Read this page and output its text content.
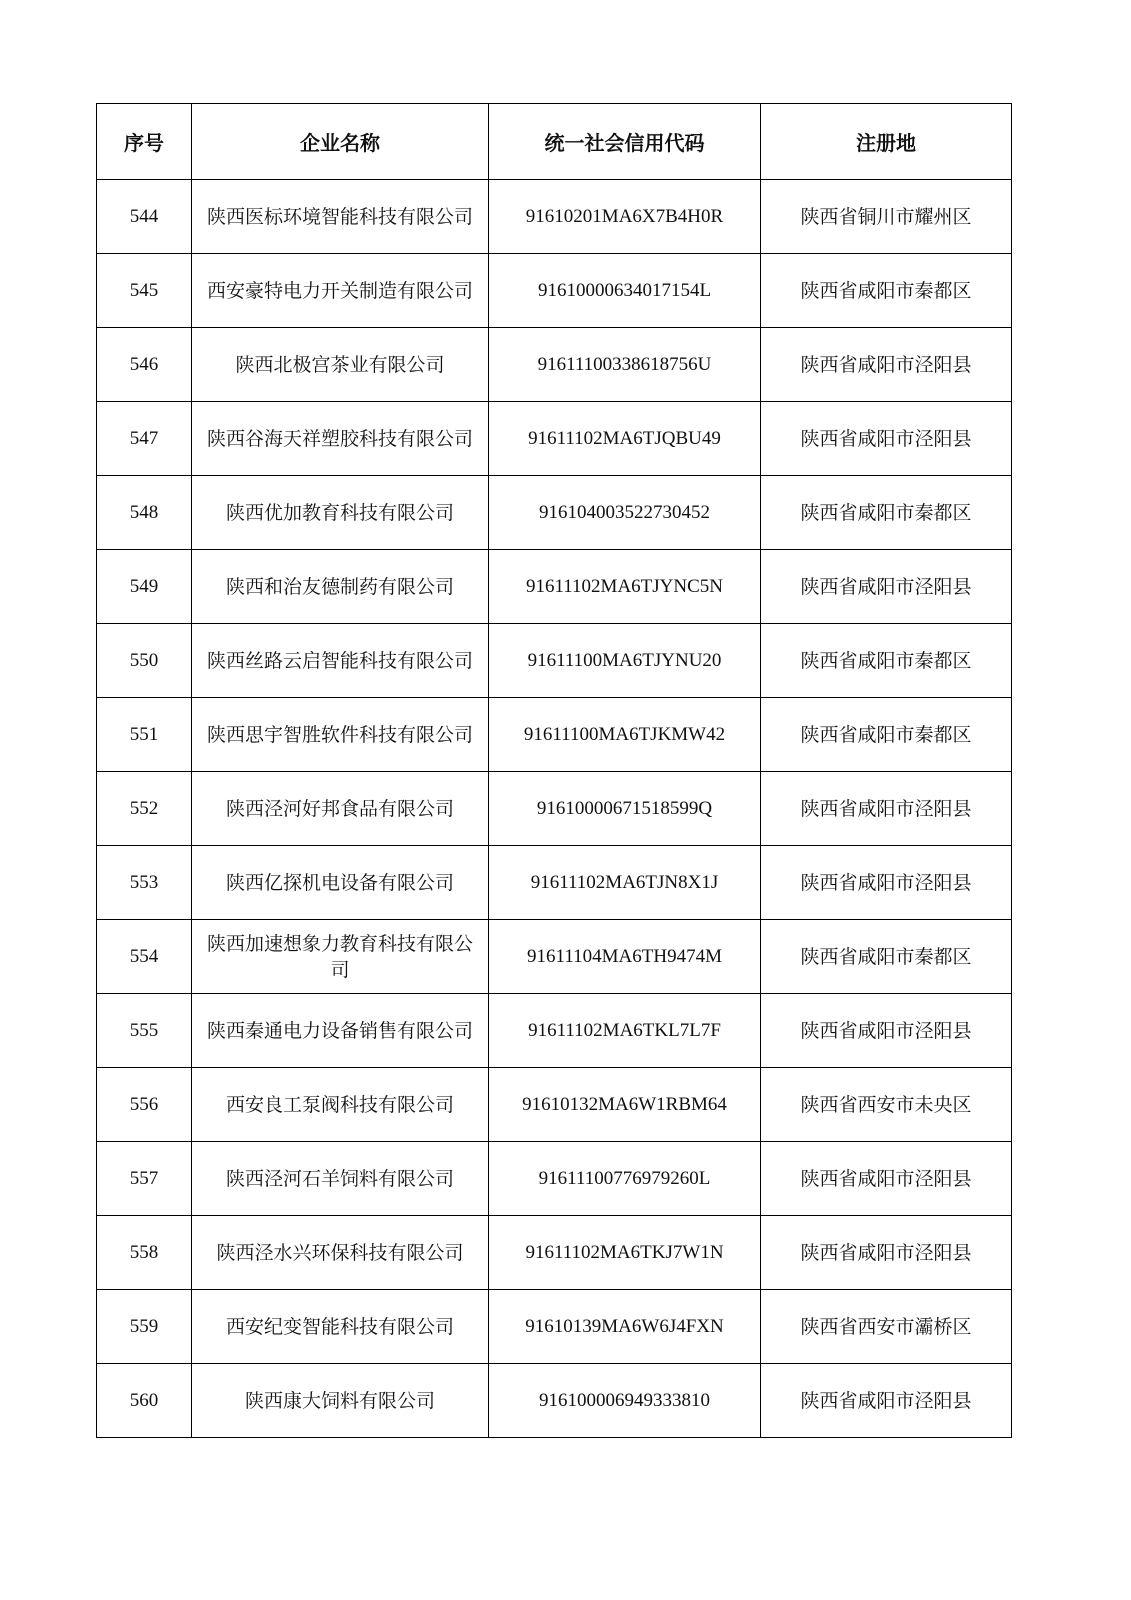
序号	企业名称	统一社会信用代码	注册地
544	陕西医标环境智能科技有限公司	91610201MA6X7B4H0R	陕西省铜川市耀州区
545	西安豪特电力开关制造有限公司	91610000634017154L	陕西省咸阳市秦都区
546	陕西北极宫茶业有限公司	91611100338618756U	陕西省咸阳市泾阳县
547	陕西谷海天祥塑胶科技有限公司	91611102MA6TJQBU49	陕西省咸阳市泾阳县
548	陕西优加教育科技有限公司	916104003522730452	陕西省咸阳市秦都区
549	陕西和治友德制药有限公司	91611102MA6TJYNC5N	陕西省咸阳市泾阳县
550	陕西丝路云启智能科技有限公司	91611100MA6TJYNU20	陕西省咸阳市秦都区
551	陕西思宇智胜软件科技有限公司	91611100MA6TJKMW42	陕西省咸阳市秦都区
552	陕西泾河好邦食品有限公司	91610000671518599Q	陕西省咸阳市泾阳县
553	陕西亿探机电设备有限公司	91611102MA6TJN8X1J	陕西省咸阳市泾阳县
554	陕西加速想象力教育科技有限公司	91611104MA6TH9474M	陕西省咸阳市秦都区
555	陕西秦通电力设备销售有限公司	91611102MA6TKL7L7F	陕西省咸阳市泾阳县
556	西安良工泵阀科技有限公司	91610132MA6W1RBM64	陕西省西安市未央区
557	陕西泾河石羊饲料有限公司	91611100776979260L	陕西省咸阳市泾阳县
558	陕西泾水兴环保科技有限公司	91611102MA6TKJ7W1N	陕西省咸阳市泾阳县
559	西安纪变智能科技有限公司	91610139MA6W6J4FXN	陕西省西安市灞桥区
560	陕西康大饲料有限公司	916100006949333810	陕西省咸阳市泾阳县
